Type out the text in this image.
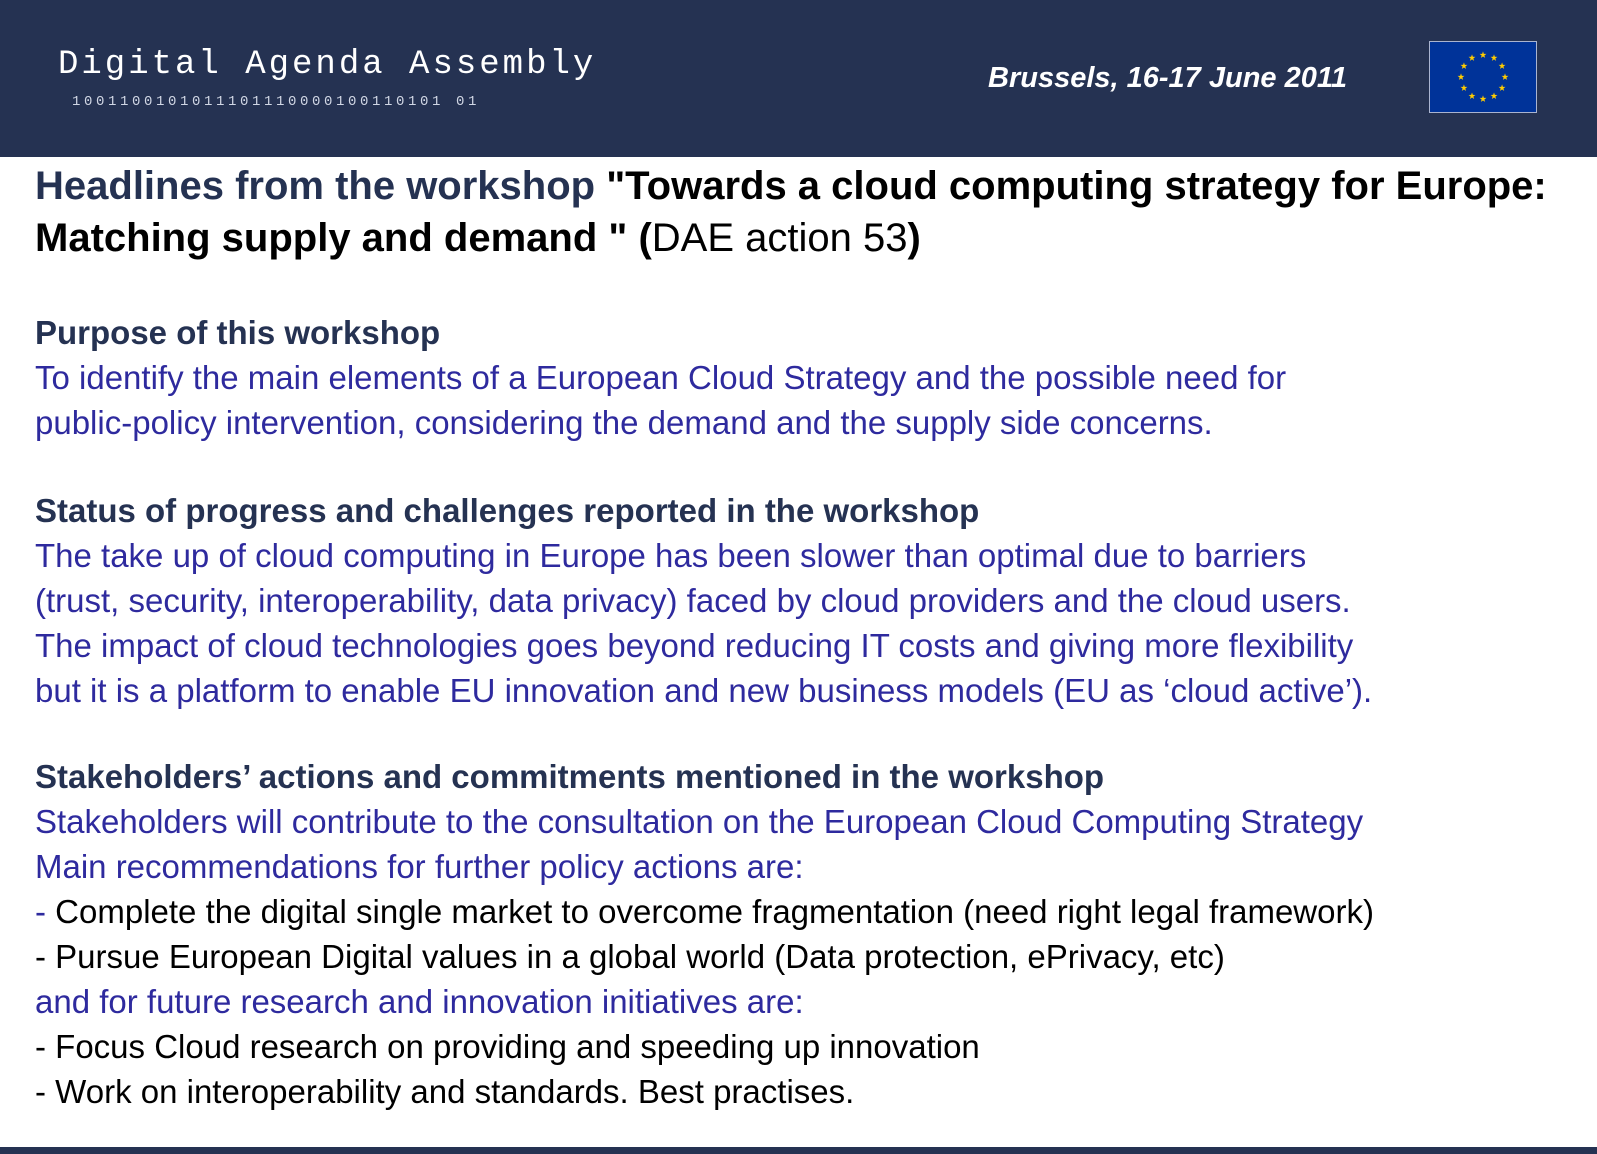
Digital Agenda Assembly
1001100101011101110000100110101 01
Brussels, 16-17 June 2011
Headlines from the workshop "Towards a cloud computing strategy for Europe: Matching supply and demand " (DAE action 53)
Purpose of this workshop
To identify the main elements of a European Cloud Strategy and the possible need for
public-policy intervention, considering the demand and the supply side concerns.
Status of progress and challenges reported in the workshop
The take up of cloud computing in Europe has been slower than optimal due to barriers
(trust, security, interoperability, data privacy) faced by cloud providers and the cloud users.
The impact of cloud technologies goes beyond reducing IT costs and giving more flexibility
but it is a platform to enable EU innovation and new business models (EU as ‘cloud active’).
Stakeholders’ actions and commitments mentioned in the workshop
Stakeholders will contribute to the consultation on the European Cloud Computing Strategy
Main recommendations for further policy actions are:
- Complete the digital single market to overcome fragmentation (need right legal framework)
- Pursue European Digital values in a global world (Data protection, ePrivacy, etc)
and for future research and innovation initiatives are:
- Focus Cloud research on providing and speeding up innovation
- Work on interoperability and standards. Best practises.
